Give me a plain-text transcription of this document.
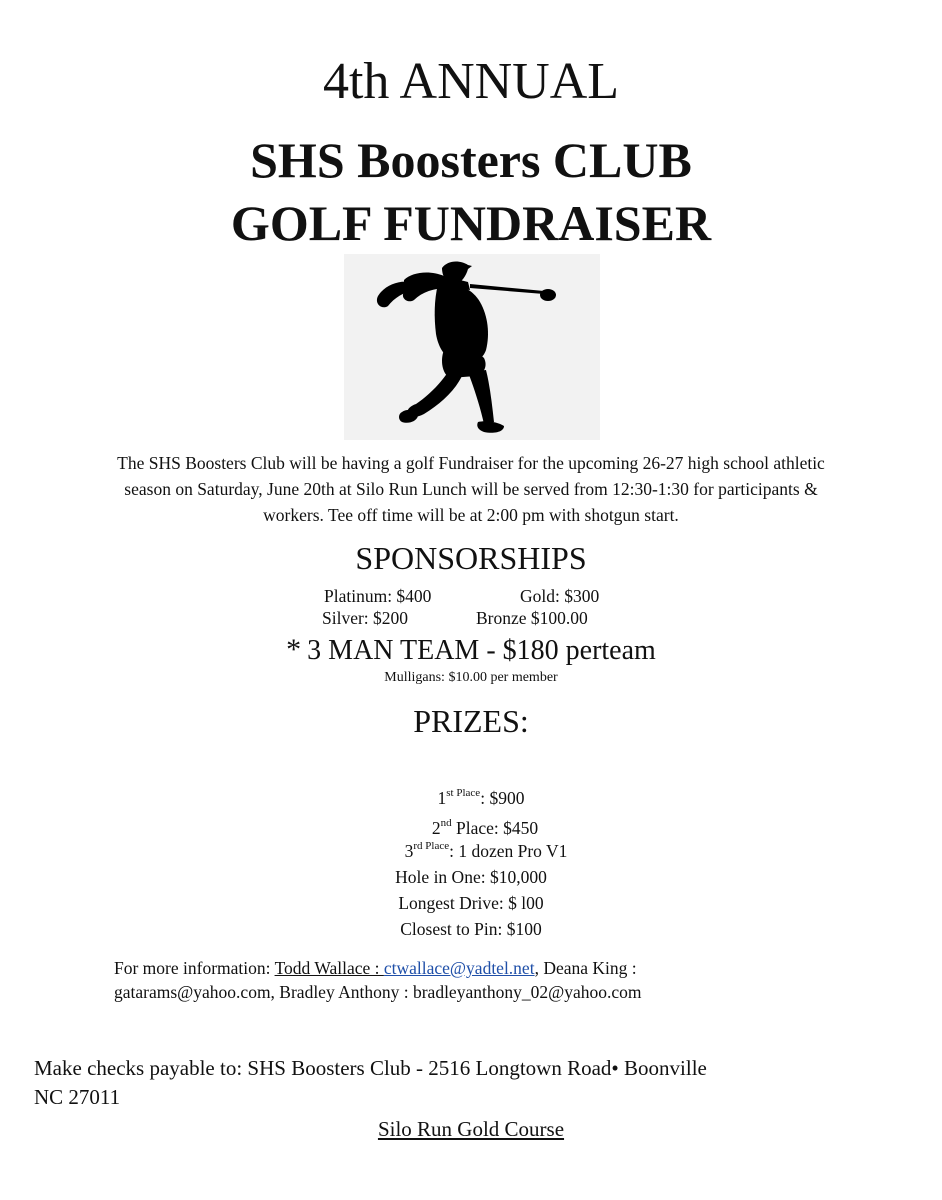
4th ANNUAL
SHS Boosters CLUB
GOLF FUNDRAISER

The SHS Boosters Club will be having a golf Fundraiser for the upcoming 26-27 high school athletic

season on Saturday, June 20th at Silo Run Lunch will be served from 12:30-1:30 for participants &

workers. Tee off time will be at 2:00 pm with shotgun start.

SPONSORSHIPS
Platinum: $400	Gold: $300
Silver: $200	Bronze $100.00
* 3 MAN TEAM - $180 perteam
Mulligans: $10.00 per member
PRIZES:
$1^{st Place}$: $900
2nd Place: $450
$3^{rd Place}$: 1 dozen Pro V1
Hole in One: $10,000
Longest Drive: $ l00
Closest to Pin: $100
For more information: Todd Wallace : ctwallace@yadtel.net, Deana King :
gatarams@yahoo.com, Bradley Anthony : bradleyanthony_02@yahoo.com
Make checks payable to: SHS Boosters Club - 2516 Longtown Road• Boonville
NC 27011
Silo Run Gold Course
